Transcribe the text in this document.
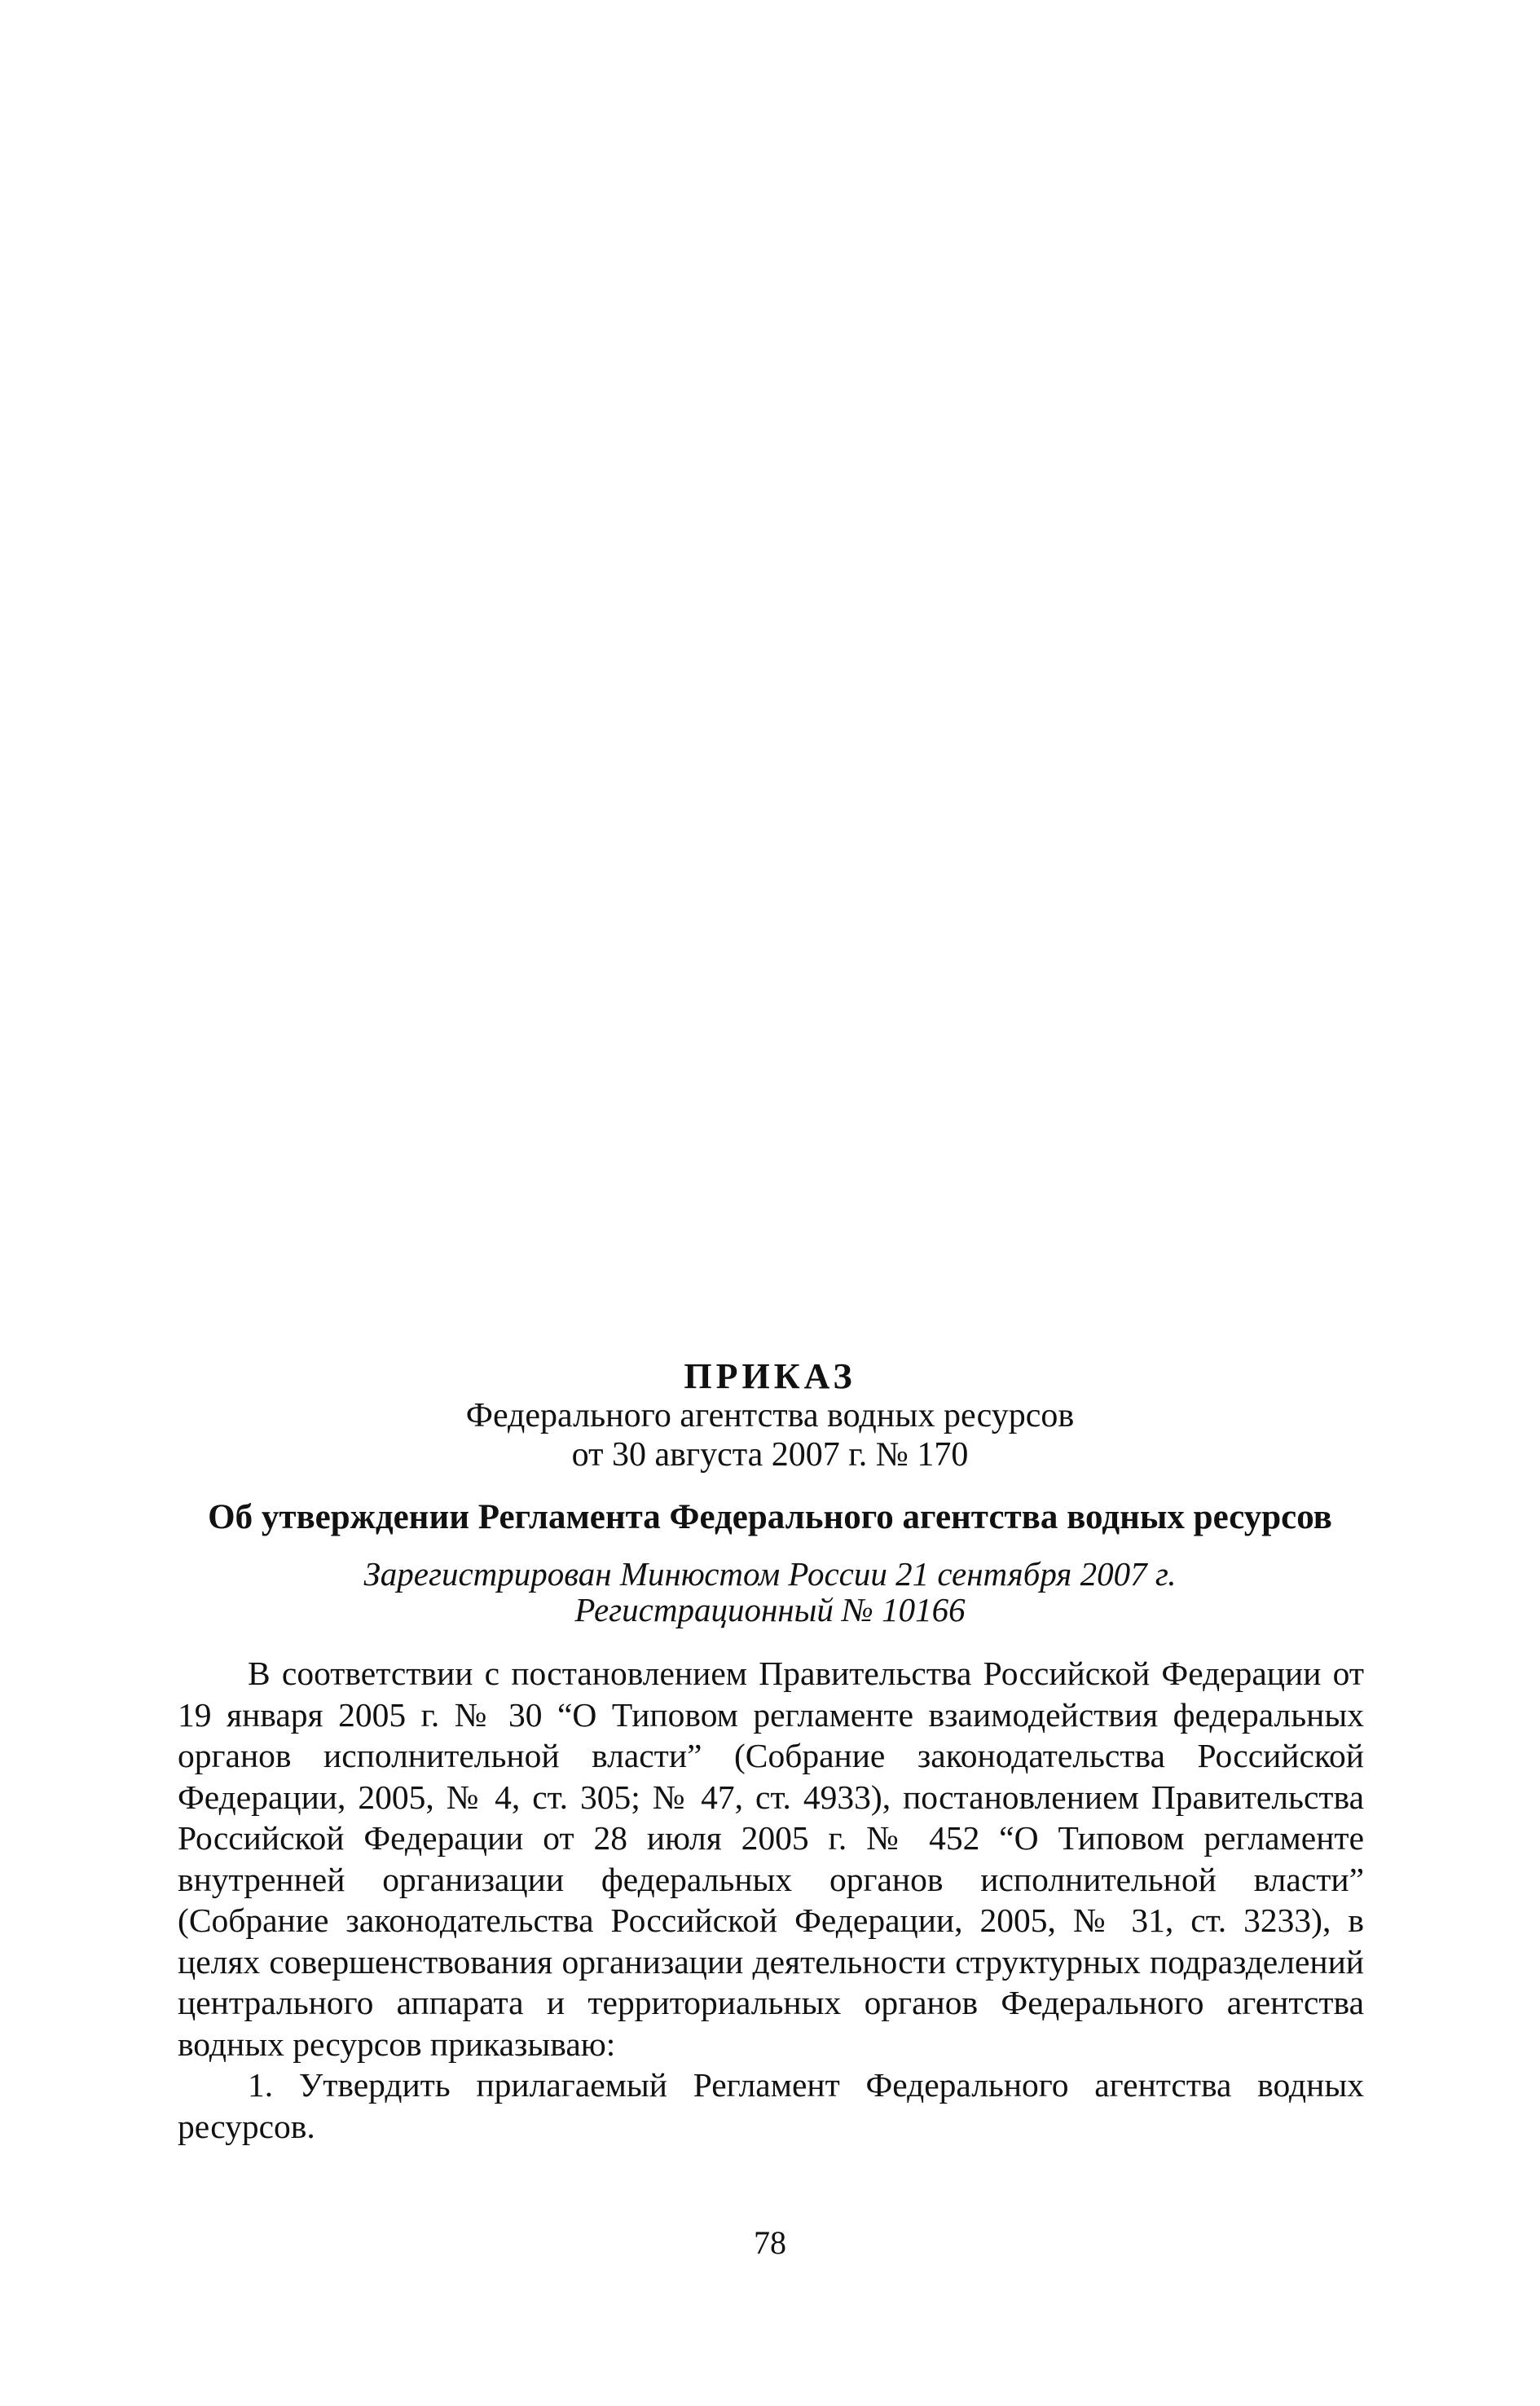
ПРИКАЗ

Федерального агентства водных ресурсов

от 30 августа 2007 г. № 170

Об утверждении Регламента Федерального агентства водных ресурсов

Зарегистрирован Минюстом России 21 сентября 2007 г.
Регистрационный № 10166

В соответствии с постановлением Правительства Российской Федерации от 19 января 2005 г. № 30 “О Типовом регламенте взаимодействия федеральных органов исполнительной власти” (Собрание законодательства Российской Федерации, 2005, № 4, ст. 305; № 47, ст. 4933), постановлением Правительства Российской Федерации от 28 июля 2005 г. № 452 “О Типовом регламенте внутренней организации федеральных органов исполнительной власти” (Собрание законодательства Российской Федерации, 2005, № 31, ст. 3233), в целях совершенствования организации деятельности структурных подразделений центрального аппарата и территориальных органов Федерального агентства водных ресурсов приказываю:

1. Утвердить прилагаемый Регламент Федерального агентства водных ресурсов.

78
